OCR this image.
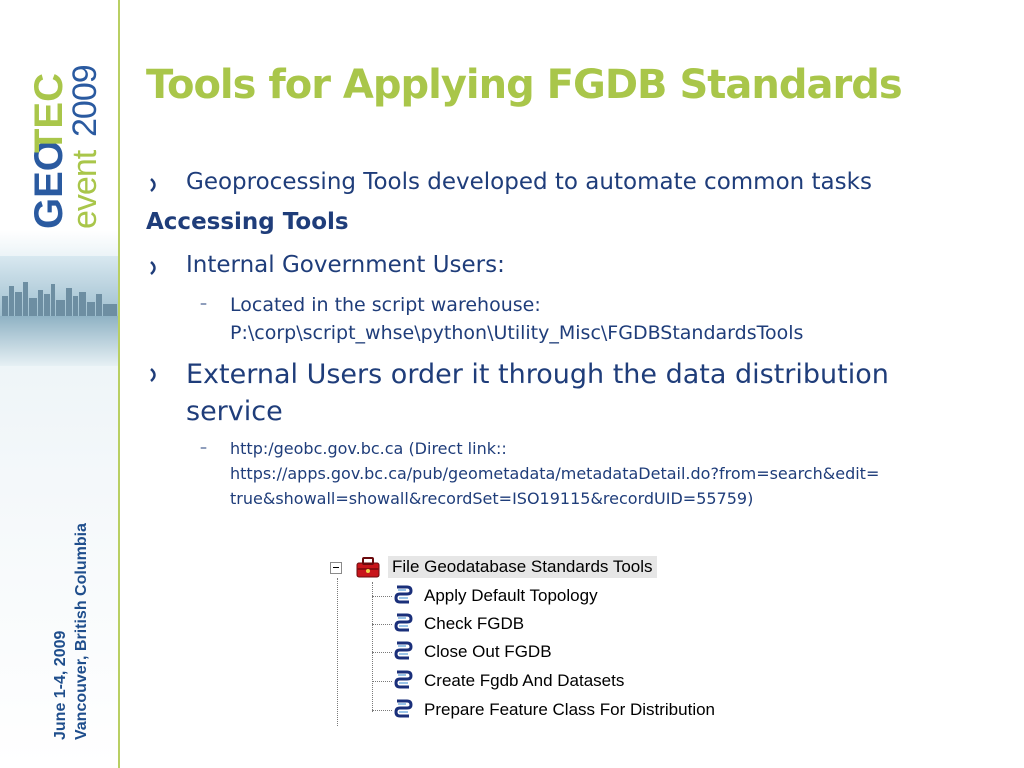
GEO
TEC
event
2009
June 1-4, 2009 Vancouver, British Columbia
Tools for Applying FGDB Standards
Geoprocessing Tools developed to automate common tasks
Accessing Tools
Internal Government Users:
– Located in the script warehouse:
P:\corp\script_whse\python\Utility_Misc\FGDBStandardsTools
External Users order it through the data distribution service
– http:/geobc.gov.bc.ca (Direct link::
https://apps.gov.bc.ca/pub/geometadata/metadataDetail.do?from=search&edit=
true&showall=showall&recordSet=ISO19115&recordUID=55759)
File Geodatabase Standards Tools
Apply Default Topology
Check FGDB
Close Out FGDB
Create Fgdb And Datasets
Prepare Feature Class For Distribution
